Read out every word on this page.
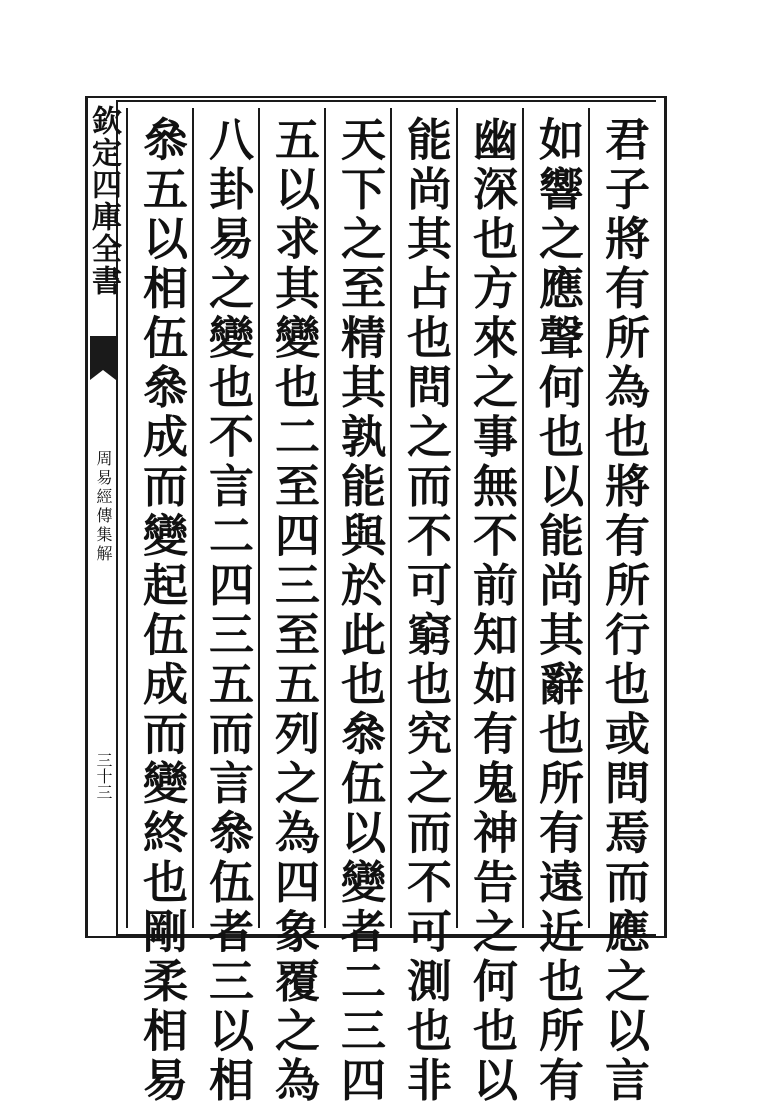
欽定四庫全書
周易經傳集解
三十三	君子將有所為也將有所行也或問焉而應之以言
如響之應聲何也以能尚其辭也所有遠近也所有
幽深也方來之事無不前知如有鬼神告之何也以
能尚其占也問之而不可窮也究之而不可測也非
天下之至精其孰能與於此也叅伍以變者二三四
五以求其變也二至四三至五列之為四象覆之為
八卦易之變也不言二四三五而言叅伍者三以相
叅五以相伍叅成而變起伍成而變終也剛柔相易
